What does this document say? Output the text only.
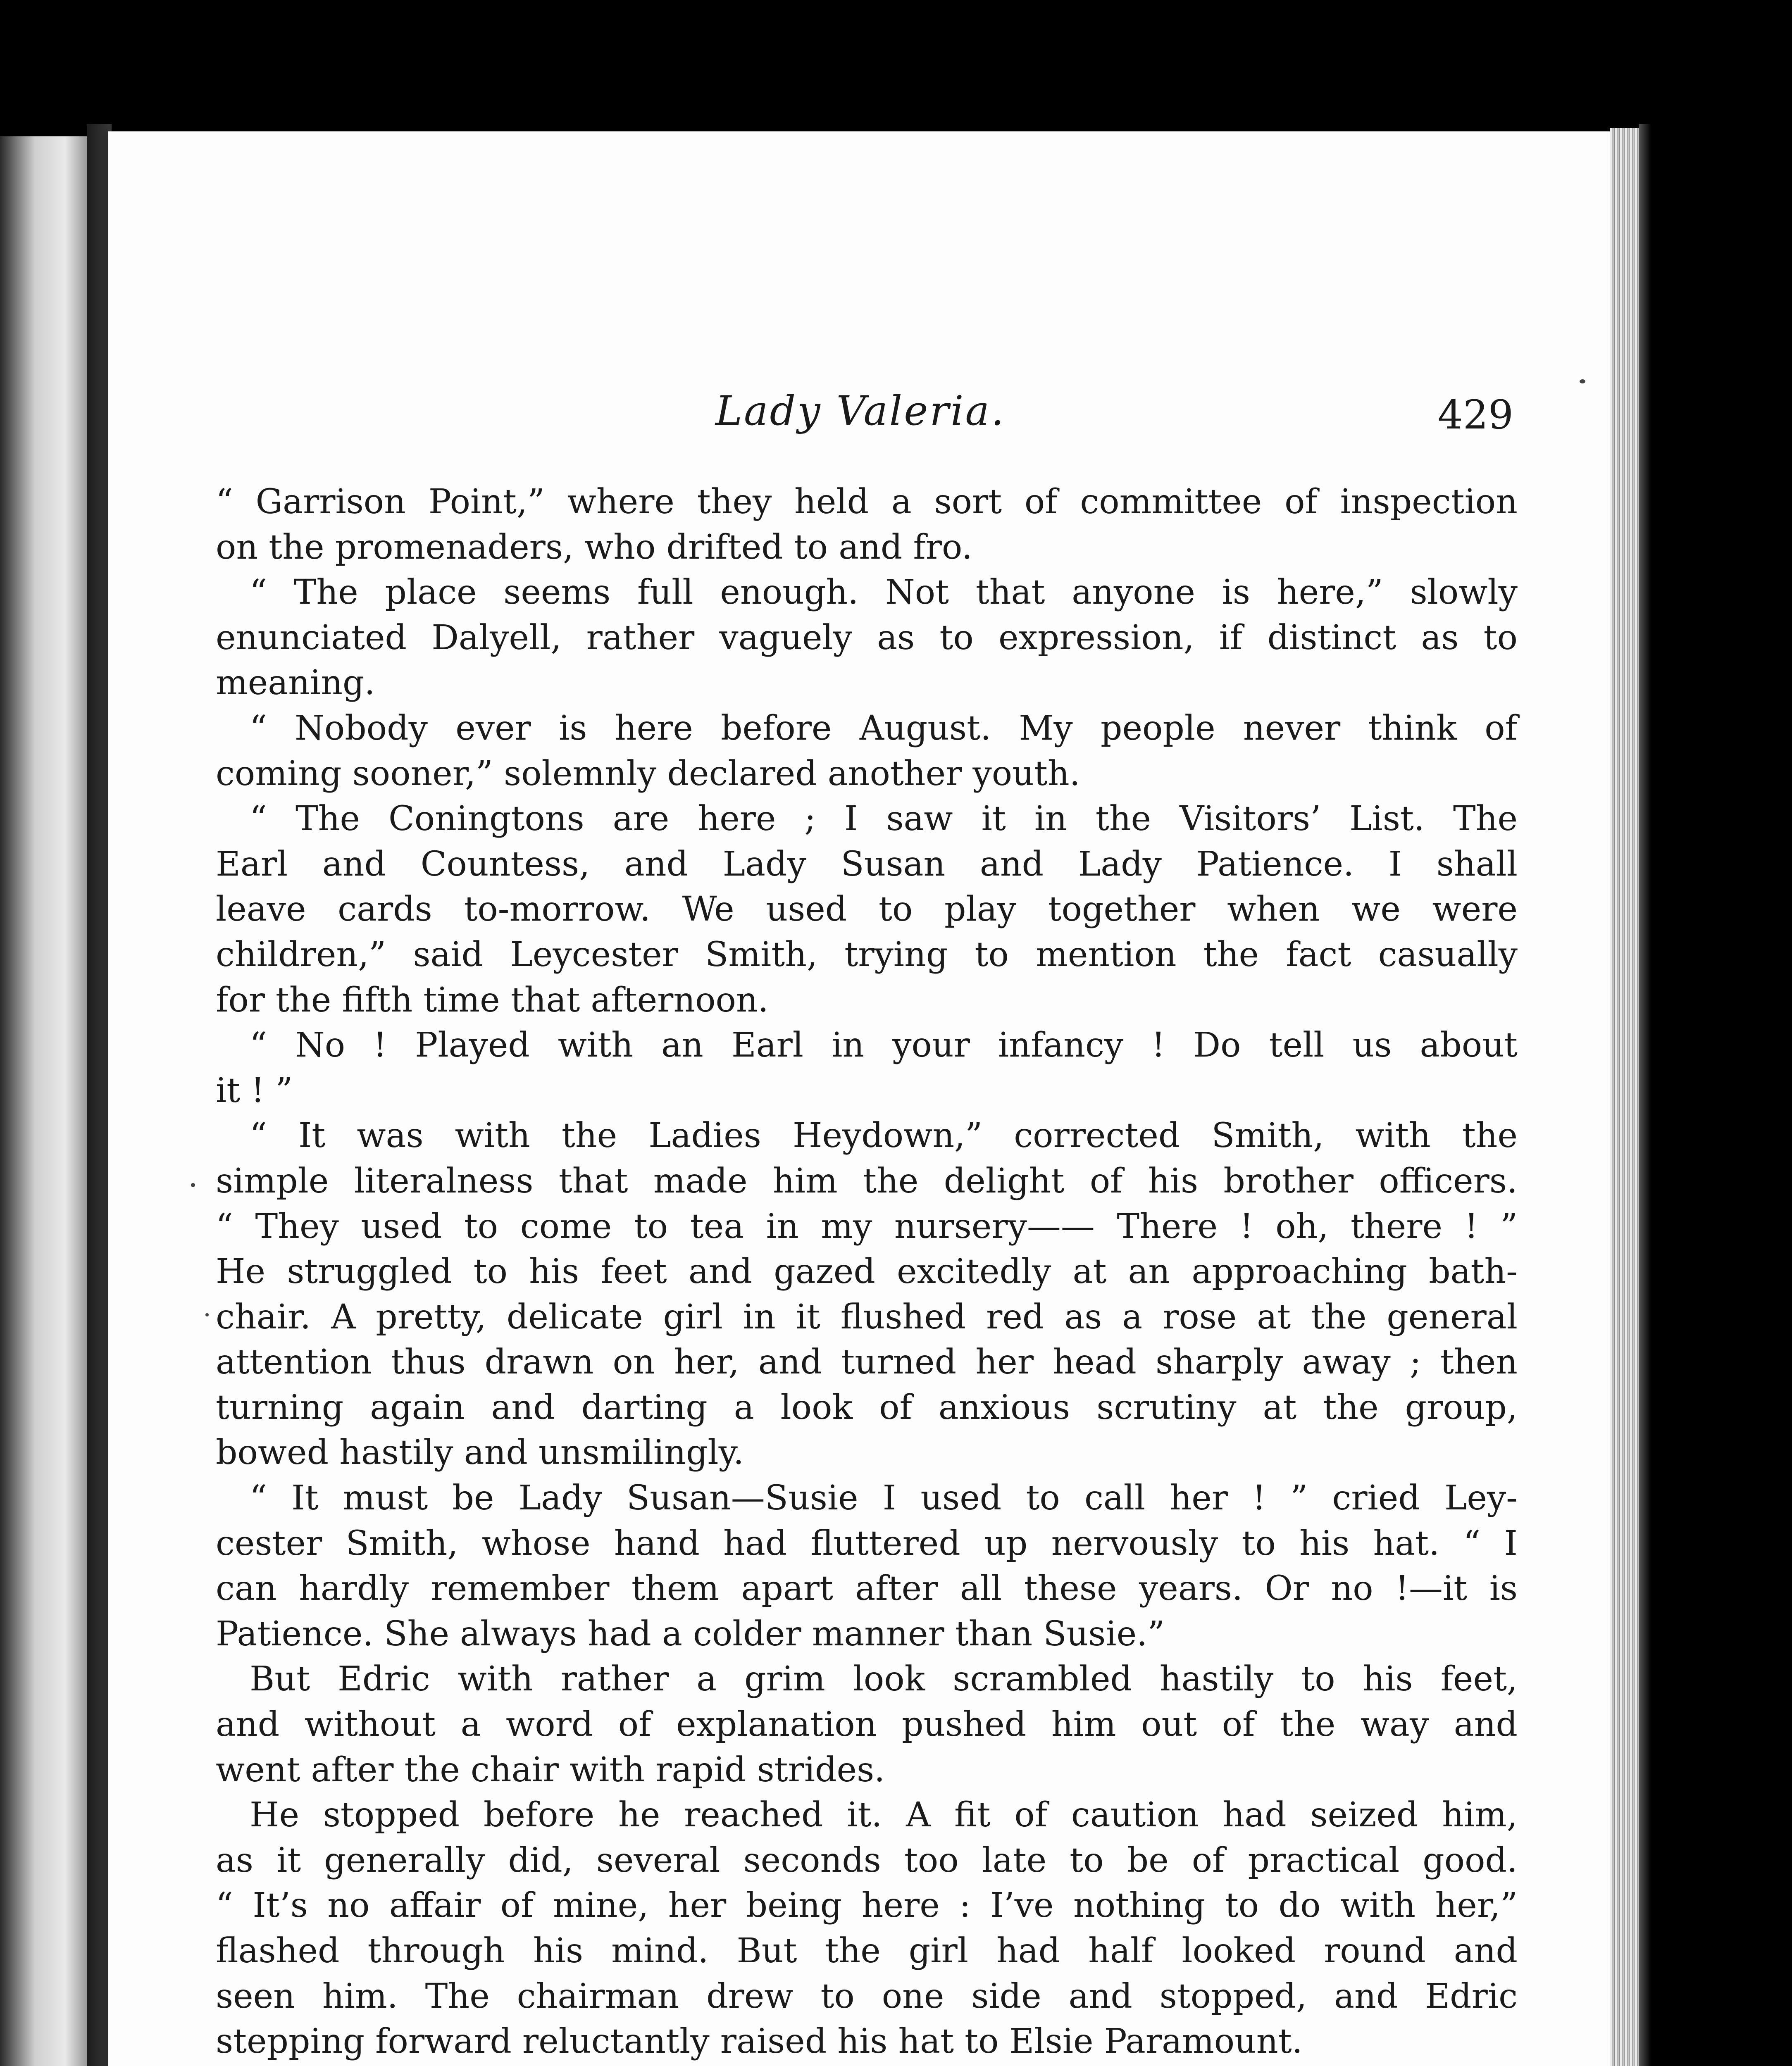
Lady Valeria.	429
“ Garrison Point,” where they held a sort of committee of inspection
on the promenaders, who drifted to and fro.
“ The place seems full enough. Not that anyone is here,” slowly
enunciated Dalyell, rather vaguely as to expression, if distinct as to
meaning.
“ Nobody ever is here before August. My people never think of
coming sooner,” solemnly declared another youth.
“ The Coningtons are here ; I saw it in the Visitors’ List. The
Earl and Countess, and Lady Susan and Lady Patience. I shall
leave cards to-morrow. We used to play together when we were
children,” said Leycester Smith, trying to mention the fact casually
for the fifth time that afternoon.
“ No ! Played with an Earl in your infancy ! Do tell us about
it ! ”
“ It was with the Ladies Heydown,” corrected Smith, with the
simple literalness that made him the delight of his brother officers.
“ They used to come to tea in my nursery—— There ! oh, there ! ”
He struggled to his feet and gazed excitedly at an approaching bath-
chair. A pretty, delicate girl in it flushed red as a rose at the general
attention thus drawn on her, and turned her head sharply away ; then
turning again and darting a look of anxious scrutiny at the group,
bowed hastily and unsmilingly.
“ It must be Lady Susan—Susie I used to call her ! ” cried Ley-
cester Smith, whose hand had fluttered up nervously to his hat. “ I
can hardly remember them apart after all these years. Or no !—it is
Patience. She always had a colder manner than Susie.”
But Edric with rather a grim look scrambled hastily to his feet,
and without a word of explanation pushed him out of the way and
went after the chair with rapid strides.
He stopped before he reached it. A fit of caution had seized him,
as it generally did, several seconds too late to be of practical good.
“ It’s no affair of mine, her being here : I’ve nothing to do with her,”
flashed through his mind. But the girl had half looked round and
seen him. The chairman drew to one side and stopped, and Edric
stepping forward reluctantly raised his hat to Elsie Paramount.
